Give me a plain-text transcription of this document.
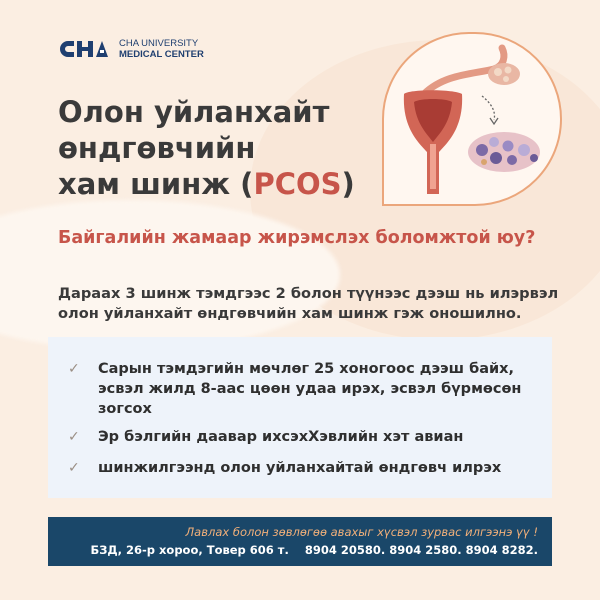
CHA UNIVERSITY
MEDICAL CENTER
Олон уйланхайт
өндгөвчийн
хам шинж (PCOS)
Байгалийн жамаар жирэмслэх боломжтой юу?
Дараах 3 шинж тэмдгээс 2 болон түүнээс дээш нь илэрвэл
олон уйланхайт өндгөвчийн хам шинж гэж оношилно.
✓	Сарын тэмдэгийн мөчлөг 25 хоногоос дээш байх,
эсвэл жилд 8-аас цөөн удаа ирэх, эсвэл бүрмөсөн
зогсох
✓	Эр бэлгийн даавар ихсэхХэвлийн хэт авиан
✓	шинжилгээнд олон уйланхайтай өндгөвч илрэх
Лавлах болон зөвлөгөө авахыг хүсвэл зурвас илгээнэ үү !
БЗД, 26-р хороо, Товер 606 т. 8904 20580. 8904 2580. 8904 8282.
